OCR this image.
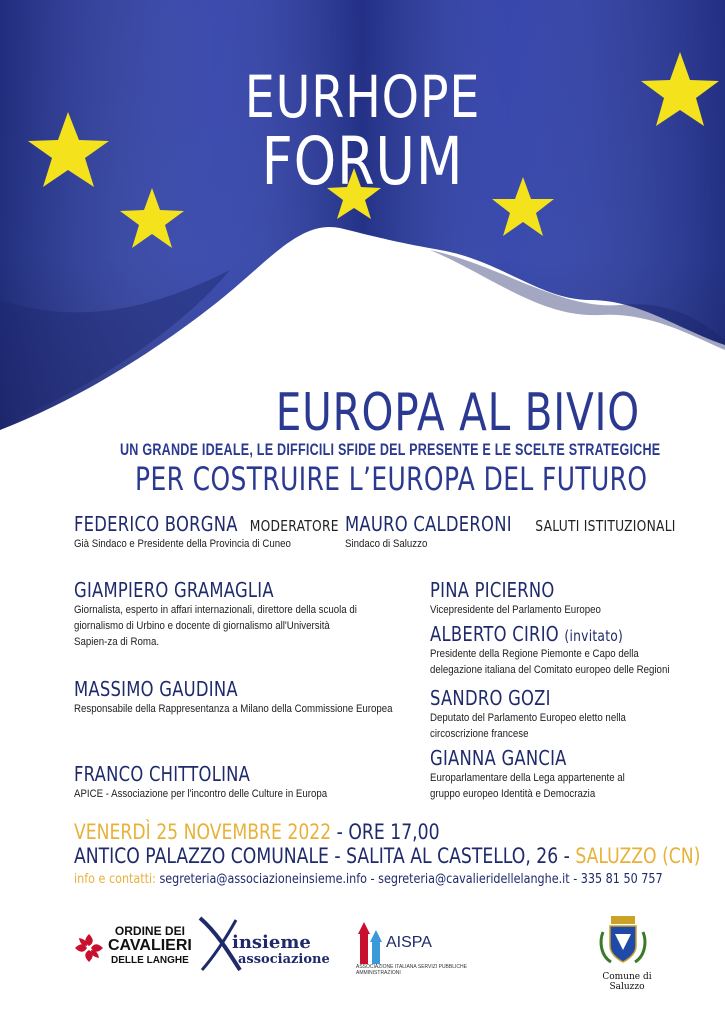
EURHOPE
FORUM
EUROPA AL BIVIO
UN GRANDE IDEALE, LE DIFFICILI SFIDE DEL PRESENTE E LE SCELTE STRATEGICHE
PER COSTRUIRE L’EUROPA DEL FUTURO
FEDERICO BORGNA MODERATORE
Già Sindaco e Presidente della Provincia di Cuneo
MAURO CALDERONI SALUTI ISTITUZIONALI
Sindaco di Saluzzo
GIAMPIERO GRAMAGLIA
Giornalista, esperto in affari internazionali, direttore della scuola di giornalismo di Urbino e docente di giornalismo all'Università Sapien-za di Roma.
MASSIMO GAUDINA
Responsabile della Rappresentanza a Milano della Commissione Europea
FRANCO CHITTOLINA
APICE - Associazione per l'incontro delle Culture in Europa
PINA PICIERNO
Vicepresidente del Parlamento Europeo
ALBERTO CIRIO (invitato)
Presidente della Regione Piemonte e Capo della delegazione italiana del Comitato europeo delle Regioni
SANDRO GOZI
Deputato del Parlamento Europeo eletto nella circoscrizione francese
GIANNA GANCIA
Europarlamentare della Lega appartenente al gruppo europeo Identità e Democrazia
VENERDÌ 25 NOVEMBRE 2022 - ORE 17,00
ANTICO PALAZZO COMUNALE - SALITA AL CASTELLO, 26 - SALUZZO (CN)
info e contatti: segreteria@associazioneinsieme.info - segreteria@cavalieridellelanghe.it - 335 81 50 757
ORDINE DEI
CAVALIERI
DELLE LANGHE
insieme
associazione
AISPA
ASSOCIAZIONE ITALIANA SERVIZI PUBBLICHE AMMINISTRAZIONI	Comune di Saluzzo
